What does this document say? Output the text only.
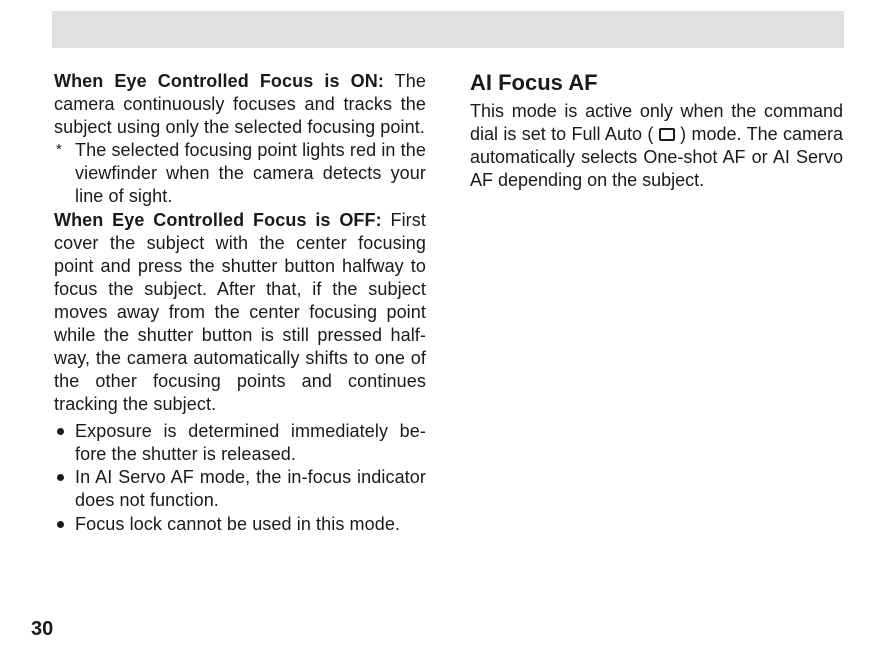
When Eye Controlled Focus is ON: The camera continuously focuses and tracks the subject using only the selected focusing point.

* The selected focusing point lights red in the viewfinder when the camera detects your line of sight.

When Eye Controlled Focus is OFF: First cover the subject with the center focusing point and press the shutter button halfway to focus the subject. After that, if the subject moves away from the center focusing point while the shutter button is still pressed half-way, the camera automatically shifts to one of the other focusing points and continues tracking the subject.

Exposure is determined immediately be-fore the shutter is released.
In AI Servo AF mode, the in-focus indicator does not function.
Focus lock cannot be used in this mode.
AI Focus AF

This mode is active only when the command dial is set to Full Auto ( ) mode. The camera automatically selects One-shot AF or AI Servo AF depending on the subject.

30
